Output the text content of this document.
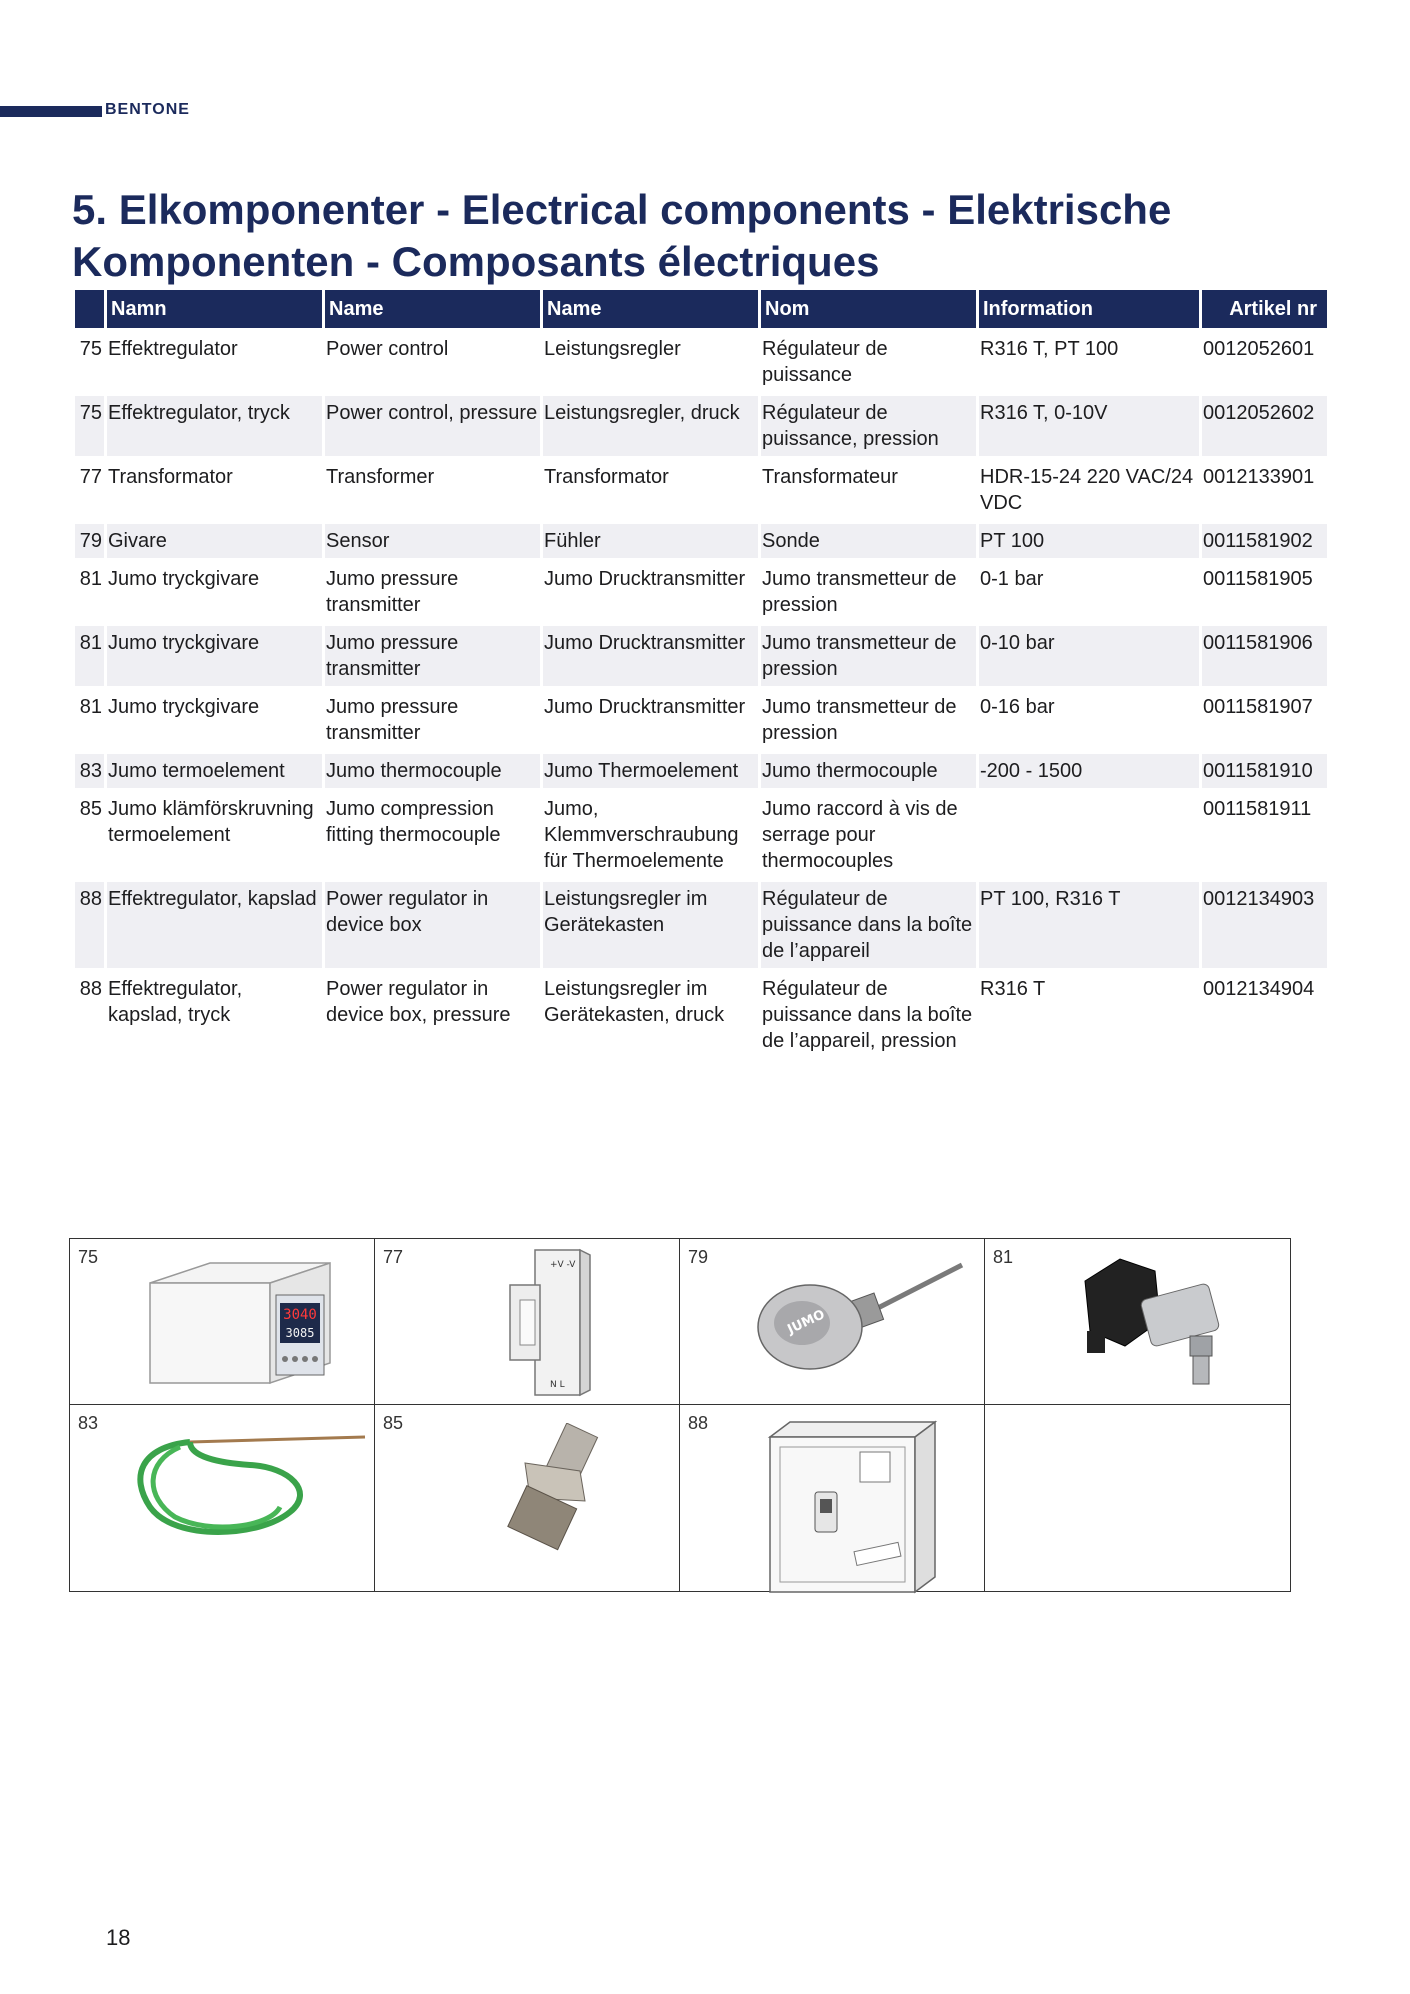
BENTONE
5. Elkomponenter - Electrical components - Elektrische Komponenten - Composants électriques
	Namn	Name	Name	Nom	Information	Artikel nr
75	Effektregulator	Power control	Leistungsregler	Régulateur de puissance	R316 T, PT 100	0012052601
75	Effektregulator, tryck	Power control, pressure	Leistungsregler, druck	Régulateur de puissance, pression	R316 T, 0-10V	0012052602
77	Transformator	Transformer	Transformator	Transformateur	HDR-15-24 220 VAC/24 VDC	0012133901
79	Givare	Sensor	Fühler	Sonde	PT 100	0011581902
81	Jumo tryckgivare	Jumo pressure transmitter	Jumo Drucktransmitter	Jumo transmetteur de pression	0-1 bar	0011581905
81	Jumo tryckgivare	Jumo pressure transmitter	Jumo Drucktransmitter	Jumo transmetteur de pression	0-10 bar	0011581906
81	Jumo tryckgivare	Jumo pressure transmitter	Jumo Drucktransmitter	Jumo transmetteur de pression	0-16 bar	0011581907
83	Jumo termoelement	Jumo thermocouple	Jumo Thermoelement	Jumo thermocouple	-200 - 1500	0011581910
85	Jumo klämförskruvning termoelement	Jumo compression fitting thermocouple	Jumo, Klemmverschraubung für Thermoelemente	Jumo raccord à vis de serrage pour thermocouples		0011581911
88	Effektregulator, kapslad	Power regulator in device box	Leistungsregler im Gerätekasten	Régulateur de puissance dans la boîte de l’appareil	PT 100, R316 T	0012134903
88	Effektregulator, kapslad, tryck	Power regulator in device box, pressure	Leistungsregler im Gerätekasten, druck	Régulateur de puissance dans la boîte de l’appareil, pression	R316 T	0012134904
75
3040
3085
77	+V -V
N L
79
JUMO
81
83	85	88
18
